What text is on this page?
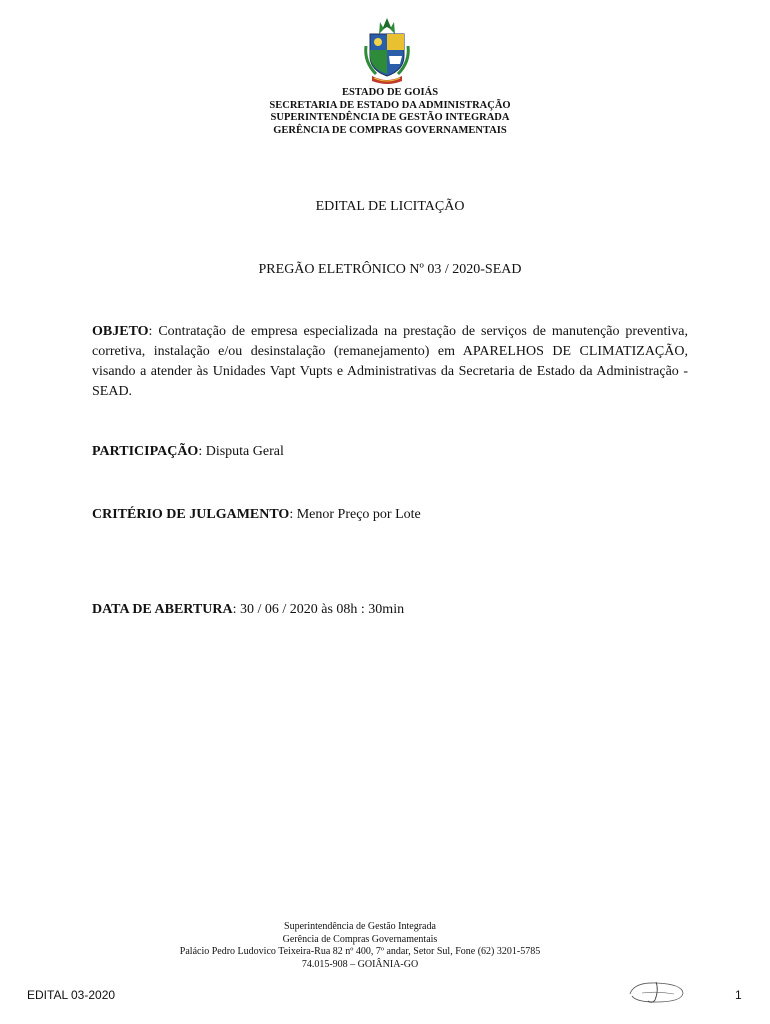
ESTADO DE GOIÁS
SECRETARIA DE ESTADO DA ADMINISTRAÇÃO
SUPERINTENDÊNCIA DE GESTÃO INTEGRADA
GERÊNCIA DE COMPRAS GOVERNAMENTAIS
EDITAL DE LICITAÇÃO
PREGÃO ELETRÔNICO Nº 03 / 2020-SEAD
OBJETO: Contratação de empresa especializada na prestação de serviços de manutenção preventiva, corretiva, instalação e/ou desinstalação (remanejamento) em APARELHOS DE CLIMATIZAÇÃO, visando a atender às Unidades Vapt Vupts e Administrativas da Secretaria de Estado da Administração - SEAD.
PARTICIPAÇÃO: Disputa Geral
CRITÉRIO DE JULGAMENTO: Menor Preço por Lote
DATA DE ABERTURA: 30 / 06 / 2020 às 08h : 30min
Superintendência de Gestão Integrada
Gerência de Compras Governamentais
Palácio Pedro Ludovico Teixeira-Rua 82 nº 400, 7º andar, Setor Sul, Fone (62) 3201-5785
74.015-908 – GOIÂNIA-GO
EDITAL 03-2020	1
